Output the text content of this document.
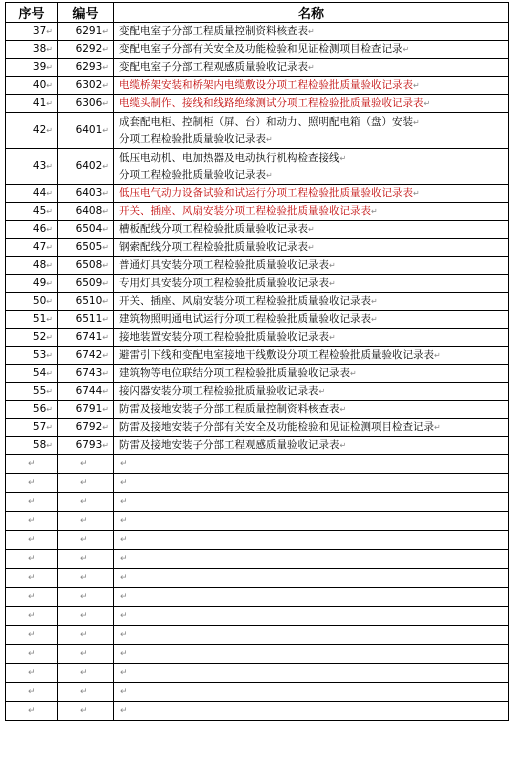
序号	编号	名称
37↵	6291↵	变配电室子分部工程质量控制资料核查表↵

38↵	6292↵	变配电室子分部有关安全及功能检验和见证检测项目检查记录↵

39↵	6293↵	变配电室子分部工程观感质量验收记录表↵

40↵	6302↵	电缆桥架安装和桥架内电缆敷设分项工程检验批质量验收记录表↵

41↵	6306↵	电缆头制作、接线和线路绝缘测试分项工程检验批质量验收记录表↵

42↵	6401↵	成套配电柜、控制柜（屏、台）和动力、照明配电箱（盘）安装↵
分项工程检验批质量验收记录表↵

43↵	6402↵	低压电动机、电加热器及电动执行机构检查接线↵
分项工程检验批质量验收记录表↵

44↵	6403↵	低压电气动力设备试验和试运行分项工程检验批质量验收记录表↵

45↵	6408↵	开关、插座、风扇安装分项工程检验批质量验收记录表↵

46↵	6504↵	槽板配线分项工程检验批质量验收记录表↵

47↵	6505↵	钢索配线分项工程检验批质量验收记录表↵

48↵	6508↵	普通灯具安装分项工程检验批质量验收记录表↵

49↵	6509↵	专用灯具安装分项工程检验批质量验收记录表↵

50↵	6510↵	开关、插座、风扇安装分项工程检验批质量验收记录表↵

51↵	6511↵	建筑物照明通电试运行分项工程检验批质量验收记录表↵

52↵	6741↵	接地装置安装分项工程检验批质量验收记录表↵

53↵	6742↵	避雷引下线和变配电室接地干线敷设分项工程检验批质量验收记录表↵

54↵	6743↵	建筑物等电位联结分项工程检验批质量验收记录表↵

55↵	6744↵	接闪器安装分项工程检验批质量验收记录表↵

56↵	6791↵	防雷及接地安装子分部工程质量控制资料核查表↵

57↵	6792↵	防雷及接地安装子分部有关安全及功能检验和见证检测项目检查记录↵

58↵	6793↵	防雷及接地安装子分部工程观感质量验收记录表↵

↵	↵	↵
↵	↵	↵
↵	↵	↵
↵	↵	↵
↵	↵	↵
↵	↵	↵
↵	↵	↵
↵	↵	↵
↵	↵	↵
↵	↵	↵
↵	↵	↵
↵	↵	↵
↵	↵	↵
↵	↵	↵
